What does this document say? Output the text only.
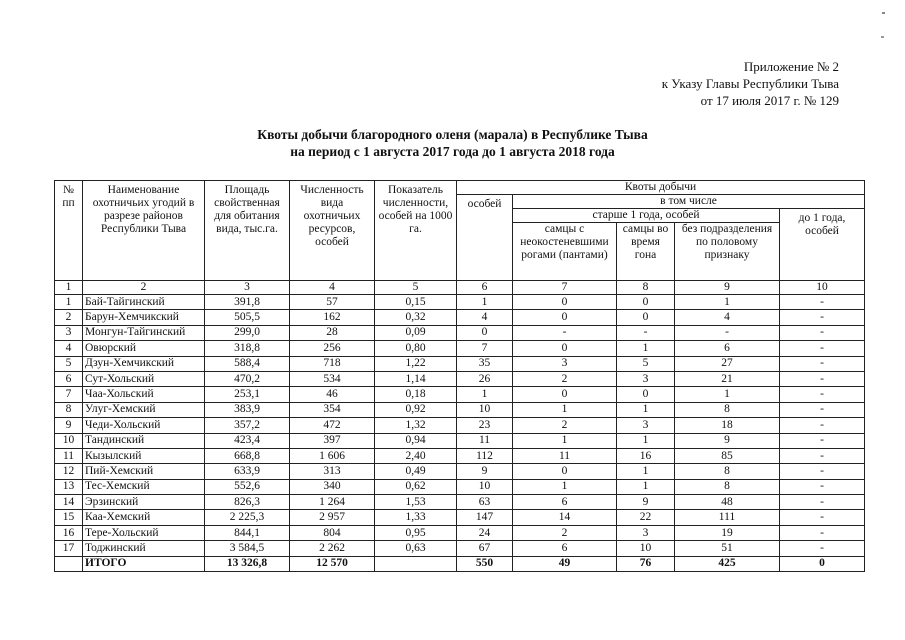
Приложение № 2
к Указу Главы Республики Тыва
от 17 июля 2017 г. № 129
Квоты добычи благородного оленя (марала) в Республике Тыва
на период с 1 августа 2017 года до 1 августа 2018 года
№ пп	Наименование охотничьих угодий в разрезе районов Республики Тыва	Площадь свойственная для обитания вида, тыс.га.	Численность вида охотничьих ресурсов, особей	Показатель численности, особей на 1000 га.	Квоты добычи				
					особей	в том числе			
						старше 1 года, особей			до 1 года, особей
						самцы с неокостеневшими рогами (пантами)	самцы во время гона	без подразделения по половому признаку	
1	2	3	4	5	6	7	8	9	10
1	Бай-Тайгинский	391,8	57	0,15	1	0	0	1	-
2	Барун-Хемчикский	505,5	162	0,32	4	0	0	4	-
3	Монгун-Тайгинский	299,0	28	0,09	0	-	-	-	-
4	Овюрский	318,8	256	0,80	7	0	1	6	-
5	Дзун-Хемчикский	588,4	718	1,22	35	3	5	27	-
6	Сут-Хольский	470,2	534	1,14	26	2	3	21	-
7	Чаа-Хольский	253,1	46	0,18	1	0	0	1	-
8	Улуг-Хемский	383,9	354	0,92	10	1	1	8	-
9	Чеди-Хольский	357,2	472	1,32	23	2	3	18	-
10	Тандинский	423,4	397	0,94	11	1	1	9	-
11	Кызылский	668,8	1 606	2,40	112	11	16	85	-
12	Пий-Хемский	633,9	313	0,49	9	0	1	8	-
13	Тес-Хемский	552,6	340	0,62	10	1	1	8	-
14	Эрзинский	826,3	1 264	1,53	63	6	9	48	-
15	Каа-Хемский	2 225,3	2 957	1,33	147	14	22	111	-
16	Тере-Хольский	844,1	804	0,95	24	2	3	19	-
17	Тоджинский	3 584,5	2 262	0,63	67	6	10	51	-
	ИТОГО	13 326,8	12 570		550	49	76	425	0
